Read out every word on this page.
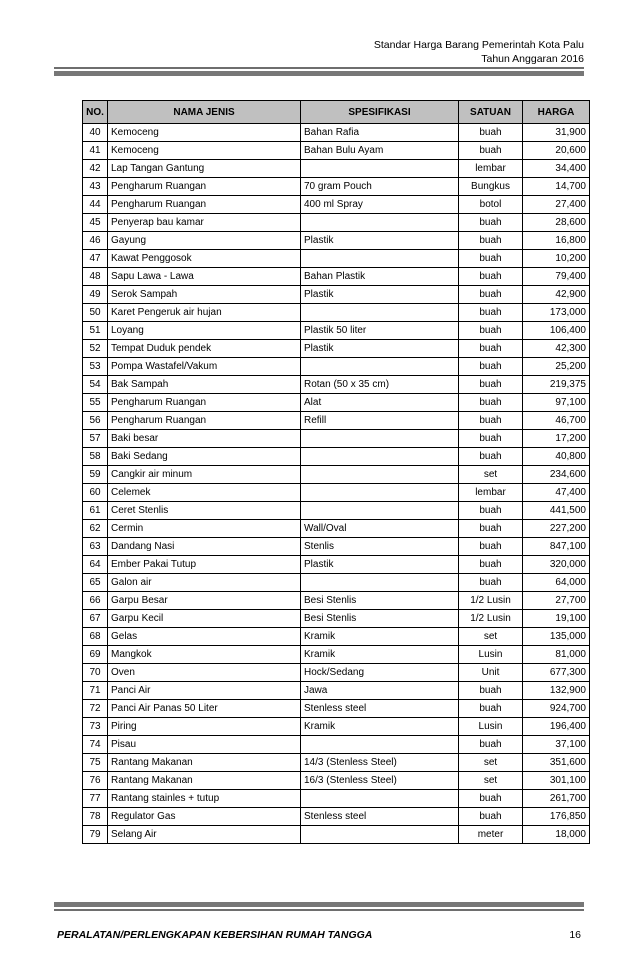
Standar Harga Barang Pemerintah Kota Palu
Tahun Anggaran 2016
NO.	NAMA JENIS	SPESIFIKASI	SATUAN	HARGA
40	Kemoceng	Bahan Rafia	buah	31,900
41	Kemoceng	Bahan Bulu Ayam	buah	20,600
42	Lap Tangan Gantung		lembar	34,400
43	Pengharum Ruangan	70 gram Pouch	Bungkus	14,700
44	Pengharum Ruangan	400 ml Spray	botol	27,400
45	Penyerap bau kamar		buah	28,600
46	Gayung	Plastik	buah	16,800
47	Kawat Penggosok		buah	10,200
48	Sapu Lawa - Lawa	Bahan Plastik	buah	79,400
49	Serok Sampah	Plastik	buah	42,900
50	Karet Pengeruk air hujan		buah	173,000
51	Loyang	Plastik 50 liter	buah	106,400
52	Tempat Duduk pendek	Plastik	buah	42,300
53	Pompa Wastafel/Vakum		buah	25,200
54	Bak Sampah	Rotan (50 x 35 cm)	buah	219,375
55	Pengharum Ruangan	Alat	buah	97,100
56	Pengharum Ruangan	Refill	buah	46,700
57	Baki besar		buah	17,200
58	Baki Sedang		buah	40,800
59	Cangkir air minum		set	234,600
60	Celemek		lembar	47,400
61	Ceret Stenlis		buah	441,500
62	Cermin	Wall/Oval	buah	227,200
63	Dandang Nasi	Stenlis	buah	847,100
64	Ember Pakai Tutup	Plastik	buah	320,000
65	Galon air		buah	64,000
66	Garpu Besar	Besi Stenlis	1/2 Lusin	27,700
67	Garpu Kecil	Besi Stenlis	1/2 Lusin	19,100
68	Gelas	Kramik	set	135,000
69	Mangkok	Kramik	Lusin	81,000
70	Oven	Hock/Sedang	Unit	677,300
71	Panci Air	Jawa	buah	132,900
72	Panci Air Panas 50 Liter	Stenless steel	buah	924,700
73	Piring	Kramik	Lusin	196,400
74	Pisau		buah	37,100
75	Rantang Makanan	14/3 (Stenless Steel)	set	351,600
76	Rantang Makanan	16/3 (Stenless Steel)	set	301,100
77	Rantang stainles + tutup		buah	261,700
78	Regulator Gas	Stenless steel	buah	176,850
79	Selang Air		meter	18,000
PERALATAN/PERLENGKAPAN KEBERSIHAN RUMAH TANGGA	16
